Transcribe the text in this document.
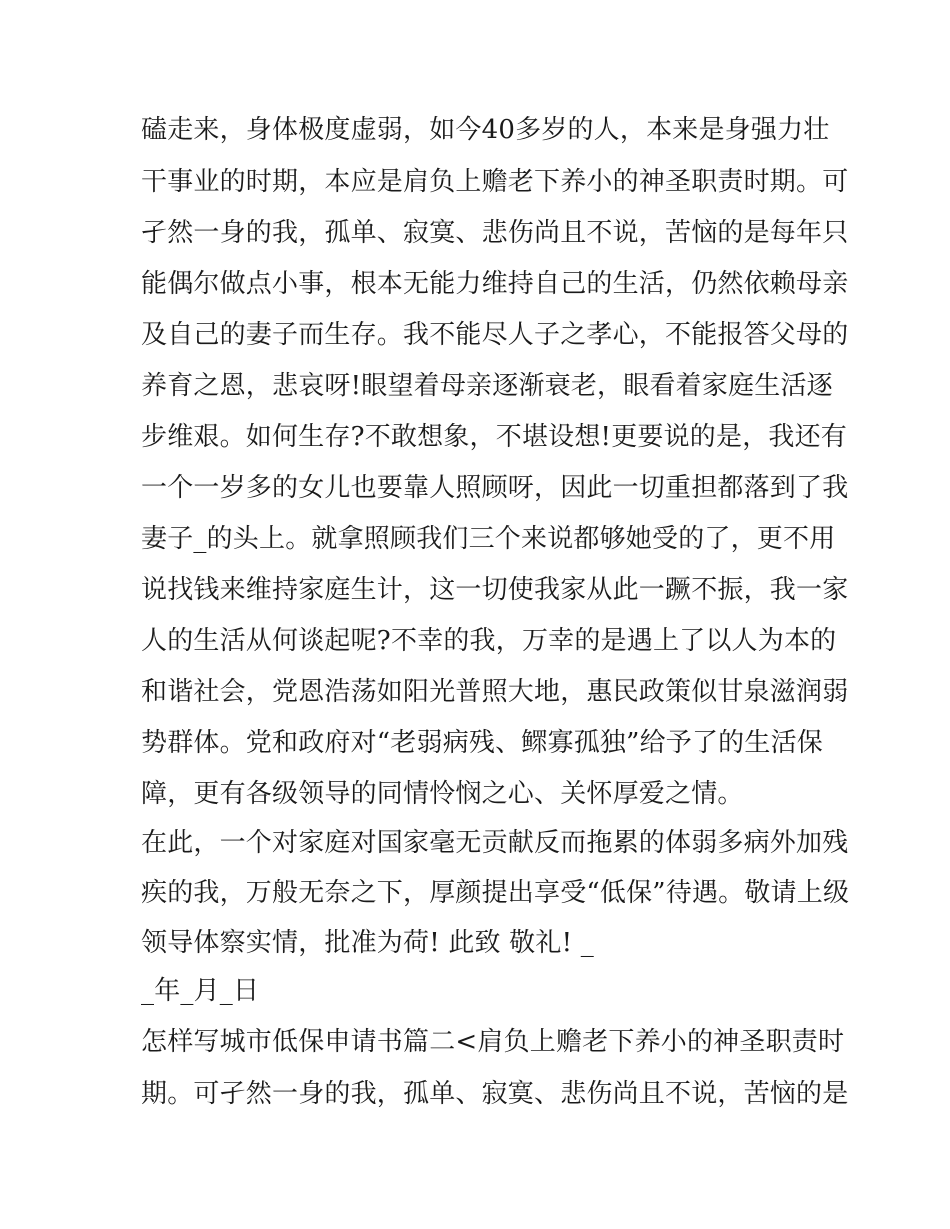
磕走来，身体极度虚弱，如今40多岁的人，本来是身强力壮
干事业的时期，本应是肩负上赡老下养小的神圣职责时期。可
孑然一身的我，孤单、寂寞、悲伤尚且不说，苦恼的是每年只
能偶尔做点小事，根本无能力维持自己的生活，仍然依赖母亲
及自己的妻子而生存。我不能尽人子之孝心，不能报答父母的
养育之恩，悲哀呀!眼望着母亲逐渐衰老，眼看着家庭生活逐
步维艰。如何生存?不敢想象，不堪设想!更要说的是，我还有
一个一岁多的女儿也要靠人照顾呀，因此一切重担都落到了我
妻子_的头上。就拿照顾我们三个来说都够她受的了，更不用
说找钱来维持家庭生计，这一切使我家从此一蹶不振，我一家
人的生活从何谈起呢?不幸的我，万幸的是遇上了以人为本的
和谐社会，党恩浩荡如阳光普照大地，惠民政策似甘泉滋润弱
势群体。党和政府对“老弱病残、鳏寡孤独”给予了的生活保
障，更有各级领导的同情怜悯之心、关怀厚爱之情。
在此，一个对家庭对国家毫无贡献反而拖累的体弱多病外加残
疾的我，万般无奈之下，厚颜提出享受“低保”待遇。敬请上级
领导体察实情，批准为荷! 此致 敬礼! _
_年_月_日
怎样写城市低保申请书篇二<肩负上赡老下养小的神圣职责时
期。可孑然一身的我，孤单、寂寞、悲伤尚且不说，苦恼的是
